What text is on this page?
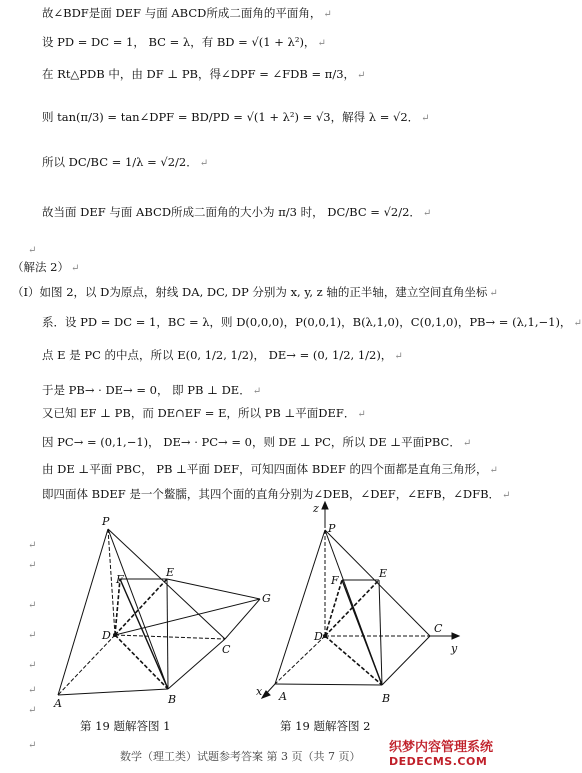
故∠BDF是面 DEF 与面 ABCD所成二面角的平面角， ↵
设 PD = DC = 1， BC = λ，有 BD = √(1 + λ²)， ↵
在 Rt△PDB 中，由 DF ⊥ PB，得∠DPF = ∠FDB = π/3， ↵
则 tan(π/3) = tan∠DPF = BD/PD = √(1 + λ²) = √3，解得 λ = √2． ↵
所以 DC/BC = 1/λ = √2/2． ↵
故当面 DEF 与面 ABCD所成二面角的大小为 π/3 时， DC/BC = √2/2． ↵
（解法 2） ↵
（Ⅰ）如图 2，以 D为原点，射线 DA, DC, DP 分别为 x, y, z 轴的正半轴，建立空间直角坐标 ↵
系．设 PD = DC = 1，BC = λ，则 D(0,0,0)，P(0,0,1)，B(λ,1,0)，C(0,1,0)，PB→ = (λ,1,−1)， ↵
点 E 是 PC 的中点，所以 E(0, 1/2, 1/2)， DE→ = (0, 1/2, 1/2)， ↵
于是 PB→ · DE→ = 0， 即 PB ⊥ DE． ↵
又已知 EF ⊥ PB，而 DE∩EF = E，所以 PB ⊥平面DEF． ↵
因 PC→ = (0,1,−1)， DE→ · PC→ = 0，则 DE ⊥ PC，所以 DE ⊥平面PBC． ↵
由 DE ⊥平面 PBC， PB ⊥平面 DEF，可知四面体 BDEF 的四个面都是直角三角形， ↵
即四面体 BDEF 是一个鳖臑，其四个面的直角分别为∠DEB，∠DEF，∠EFB，∠DFB． ↵
P
F
E
G
D
C
A	B
第 19 题解答图 1
z
P
F
E
D
C
y
x A	B
第 19 题解答图 2
数学（理工类）试题参考答案 第 3 页（共 7 页）
织梦内容管理系统
DEDECMS.COM
↵
↵
↵
↵
↵
↵
↵
↵
↵
